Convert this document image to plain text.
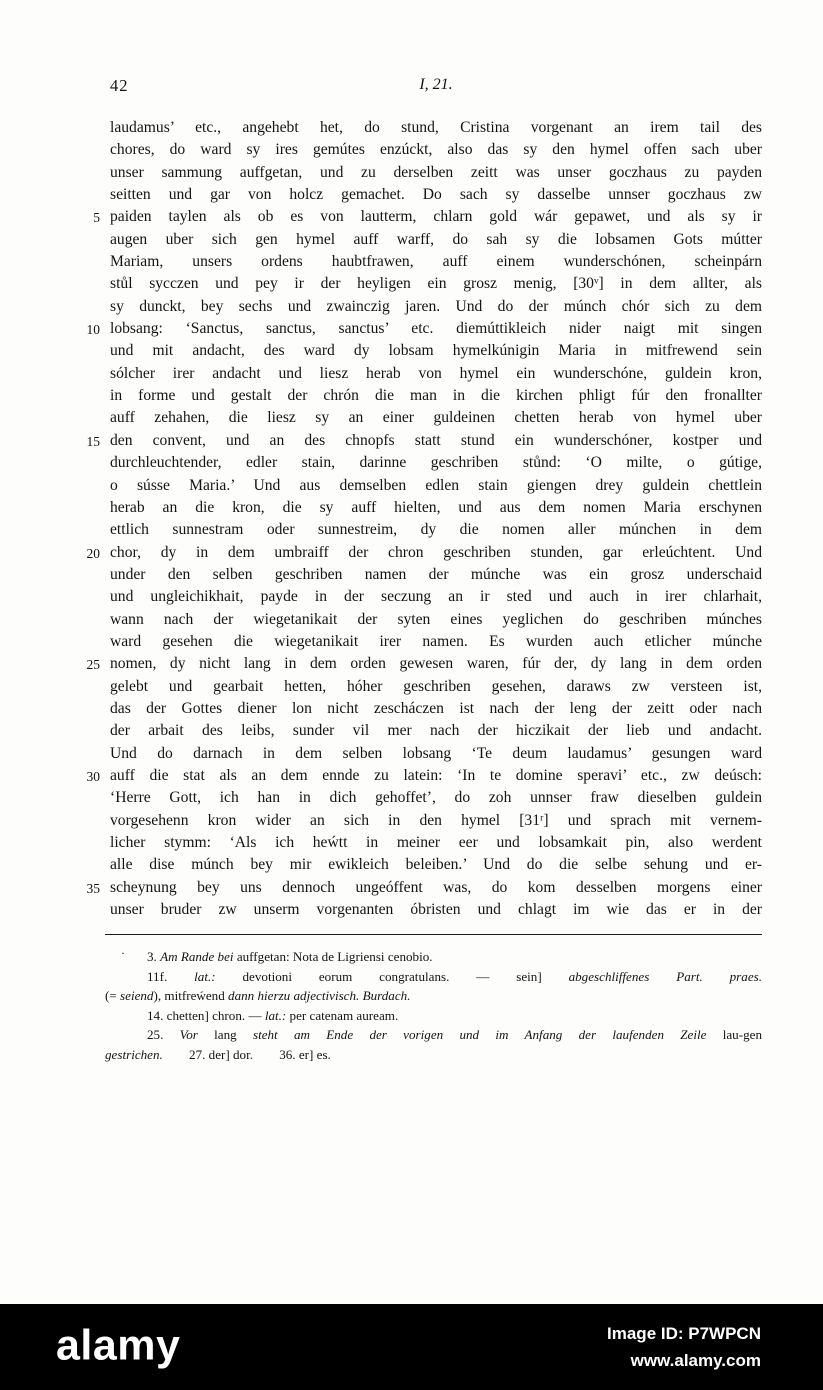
42	I, 21.
laudamus’ etc., angehebt het, do stund, Cristina vorgenant an irem tail des
chores, do ward sy ires gemútes enzúckt, also das sy den hymel offen sach uber
unser sammung auffgetan, und zu derselben zeitt was unser goczhaus zu payden
seitten und gar von holcz gemachet. Do sach sy dasselbe unnser goczhaus zw
5 paiden taylen als ob es von lautterm, chlarn gold wár gepawet, und als sy ir
augen uber sich gen hymel auff warff, do sah sy die lobsamen Gots mútter
Mariam, unsers ordens haubtfrawen, auff einem wunderschónen, scheinpárn
stůl sycczen und pey ir der heyligen ein grosz menig, [30ᵛ] in dem allter, als
sy dunckt, bey sechs und zwainczig jaren. Und do der múnch chór sich zu dem
10 lobsang: ‘Sanctus, sanctus, sanctus’ etc. diemúttikleich nider naigt mit singen
und mit andacht, des ward dy lobsam hymelkúnigin Maria in mitfrewend sein
sólcher irer andacht und liesz herab von hymel ein wunderschóne, guldein kron,
in forme und gestalt der chrón die man in die kirchen phligt fúr den fronallter
auff zehahen, die liesz sy an einer guldeinen chetten herab von hymel uber
15 den convent, und an des chnopfs statt stund ein wunderschóner, kostper und
durchleuchtender, edler stain, darinne geschriben stůnd: ‘O milte, o gútige,
o sússe Maria.’ Und aus demselben edlen stain giengen drey guldein chettlein
herab an die kron, die sy auff hielten, und aus dem nomen Maria erschynen
ettlich sunnestram oder sunnestreim, dy die nomen aller múnchen in dem
20 chor, dy in dem umbraiff der chron geschriben stunden, gar erleúchtent. Und
under den selben geschriben namen der múnche was ein grosz underschaid
und ungleichikhait, payde in der seczung an ir sted und auch in irer chlarhait,
wann nach der wiegetanikait der syten eines yeglichen do geschriben múnches
ward gesehen die wiegetanikait irer namen. Es wurden auch etlicher múnche
25 nomen, dy nicht lang in dem orden gewesen waren, fúr der, dy lang in dem orden
gelebt und gearbait hetten, hóher geschriben gesehen, daraws zw versteen ist,
das der Gottes diener lon nicht zescháczen ist nach der leng der zeitt oder nach
der arbait des leibs, sunder vil mer nach der hiczikait der lieb und andacht.
Und do darnach in dem selben lobsang ‘Te deum laudamus’ gesungen ward
30 auff die stat als an dem ennde zu latein: ‘In te domine speravi’ etc., zw deúsch:
‘Herre Gott, ich han in dich gehoffet’, do zoh unnser fraw dieselben guldein
vorgesehenn kron wider an sich in den hymel [31ʳ] und sprach mit vernem-
licher stymm: ‘Als ich heẃtt in meiner eer und lobsamkait pin, also werdent
alle dise múnch bey mir ewikleich beleiben.’ Und do die selbe sehung und er-
35 scheynung bey uns dennoch ungeóffent was, do kom desselben morgens einer
unser bruder zw unserm vorgenanten óbristen und chlagt im wie das er in der
· 3. Am Rande bei auffgetan: Nota de Ligriensi cenobio.
11f. lat.: devotioni eorum congratulans. — sein] abgeschliffenes Part. praes.
(= seiend), mitfreẃend dann hierzu adjectivisch. Burdach.
14. chetten] chron. — lat.: per catenam auream.
25. Vor lang steht am Ende der vorigen und im Anfang der laufenden Zeile lau-gen
gestrichen.        27. der] dor.        36. er] es.
alamy	Image ID: P7WPCN
www.alamy.com
